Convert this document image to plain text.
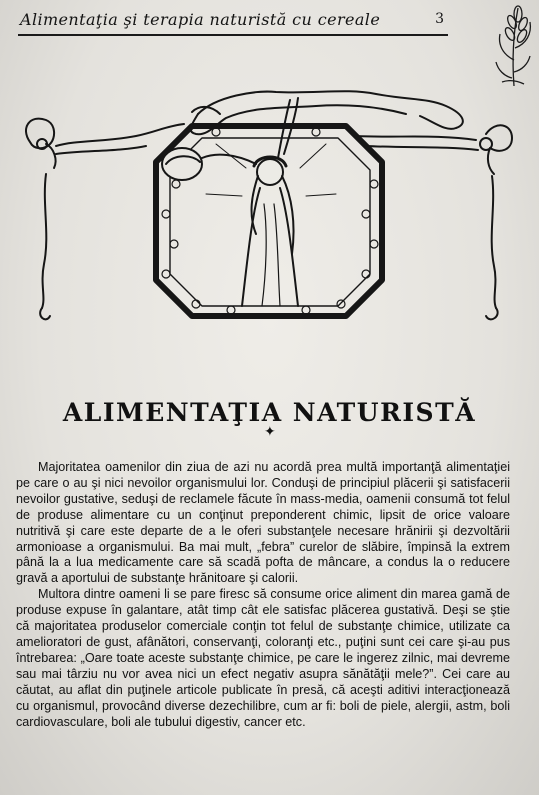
Alimentaţia şi terapia naturistă cu cereale	3
ALIMENTAŢIA NATURISTĂ
✦

Majoritatea oamenilor din ziua de azi nu acordă prea multă importanţă alimentaţiei pe care o au şi nici nevoilor organismului lor. Conduşi de principiul plăcerii şi satisfacerii nevoilor gustative, seduşi de reclamele făcute în mass-media, oamenii consumă tot felul de produse alimentare cu un conţinut preponderent chimic, lipsit de orice valoare nutritivă şi care este departe de a le oferi substanţele necesare hrănirii şi dezvoltării armonioase a organismului. Ba mai mult, „febra” curelor de slăbire, împinsă la extrem până la a lua medicamente care să scadă pofta de mâncare, a condus la o reducere gravă a aportului de substanţe hrănitoare şi calorii.

Multora dintre oameni li se pare firesc să consume orice aliment din marea gamă de produse expuse în galantare, atât timp cât ele satisfac plăcerea gustativă. Deşi se ştie că majoritatea produselor comerciale conţin tot felul de substanţe chimice, utilizate ca amelioratori de gust, afânători, conservanţi, coloranţi etc., puţini sunt cei care şi-au pus întrebarea: „Oare toate aceste substanţe chimice, pe care le ingerez zilnic, mai devreme sau mai târziu nu vor avea nici un efect negativ asupra sănătăţii mele?”. Cei care au căutat, au aflat din puţinele articole publicate în presă, că aceşti aditivi interacţionează cu organismul, provocând diverse dezechilibre, cum ar fi: boli de piele, alergii, astm, boli cardiovasculare, boli ale tubului digestiv, cancer etc.
